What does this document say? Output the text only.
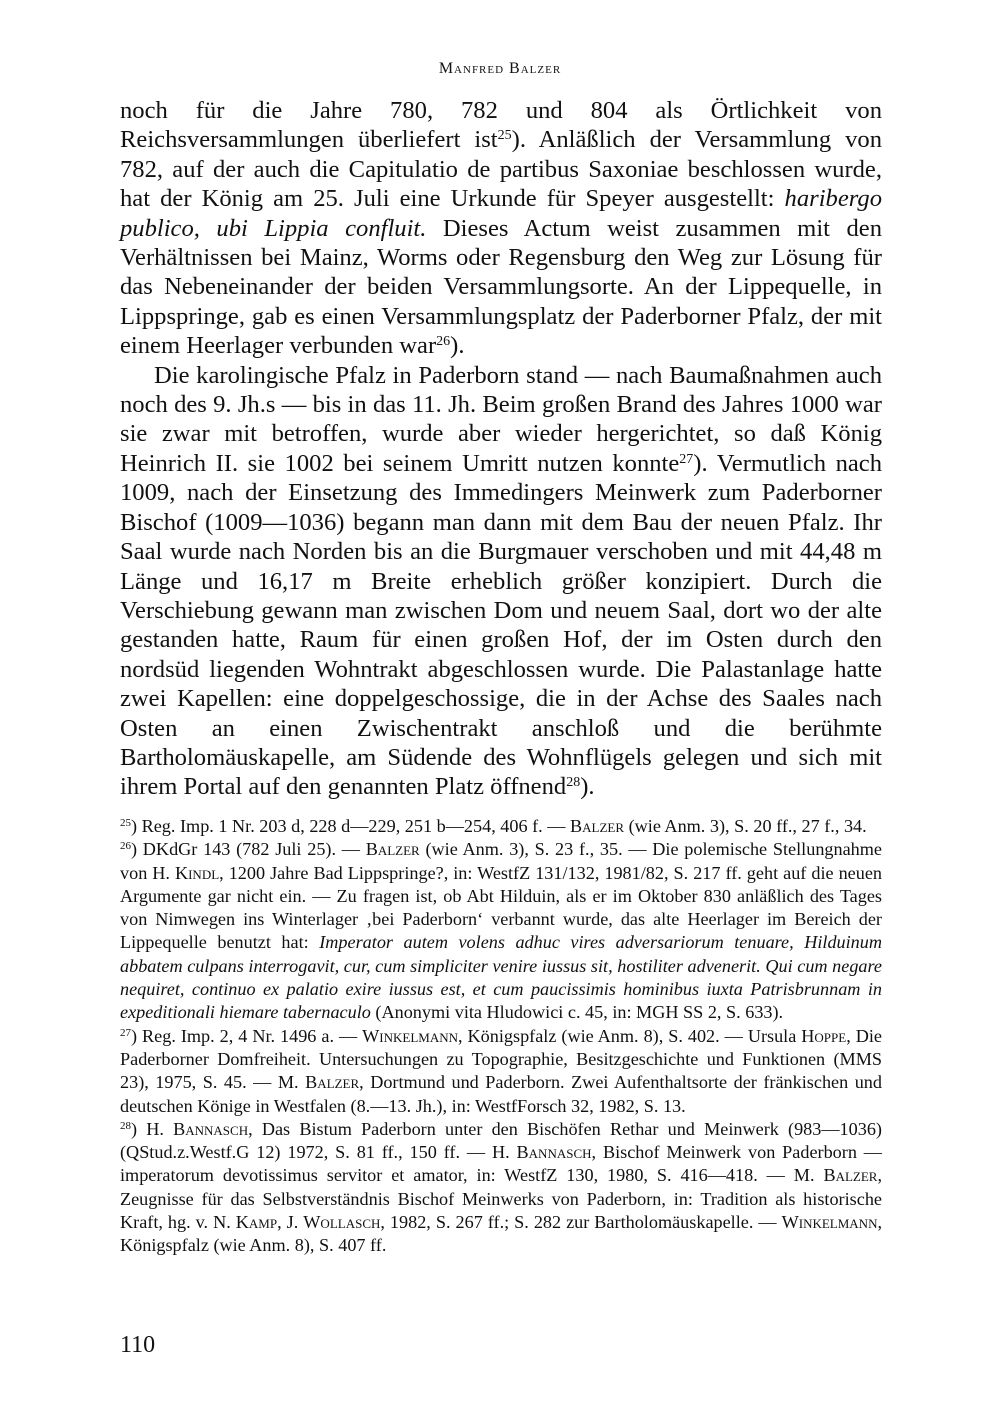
Manfred Balzer

noch für die Jahre 780, 782 und 804 als Örtlichkeit von Reichsversammlungen überliefert ist$^{25}$). Anläßlich der Versammlung von 782, auf der auch die Capitulatio de partibus Saxoniae beschlossen wurde, hat der König am 25. Juli eine Urkunde für Speyer ausgestellt: haribergo publico, ubi Lippia confluit. Dieses Actum weist zusammen mit den Verhältnissen bei Mainz, Worms oder Regensburg den Weg zur Lösung für das Nebeneinander der beiden Versammlungsorte. An der Lippequelle, in Lippspringe, gab es einen Versammlungsplatz der Paderborner Pfalz, der mit einem Heerlager verbunden war$^{26}$).

Die karolingische Pfalz in Paderborn stand — nach Baumaßnahmen auch noch des 9. Jh.s — bis in das 11. Jh. Beim großen Brand des Jahres 1000 war sie zwar mit betroffen, wurde aber wieder hergerichtet, so daß König Heinrich II. sie 1002 bei seinem Umritt nutzen konnte$^{27}$). Vermutlich nach 1009, nach der Einsetzung des Immedingers Meinwerk zum Paderborner Bischof (1009—1036) begann man dann mit dem Bau der neuen Pfalz. Ihr Saal wurde nach Norden bis an die Burgmauer verschoben und mit 44,48 m Länge und 16,17 m Breite erheblich größer konzipiert. Durch die Verschiebung gewann man zwischen Dom und neuem Saal, dort wo der alte gestanden hatte, Raum für einen großen Hof, der im Osten durch den nordsüd liegenden Wohntrakt abgeschlossen wurde. Die Palastanlage hatte zwei Kapellen: eine doppelgeschossige, die in der Achse des Saales nach Osten an einen Zwischentrakt anschloß und die berühmte Bartholomäuskapelle, am Südende des Wohnflügels gelegen und sich mit ihrem Portal auf den genannten Platz öffnend$^{28}$).

$^{25}$) Reg. Imp. 1 Nr. 203 d, 228 d—229, 251 b—254, 406 f. — Balzer (wie Anm. 3), S. 20 ff., 27 f., 34.

$^{26}$) DKdGr 143 (782 Juli 25). — Balzer (wie Anm. 3), S. 23 f., 35. — Die polemische Stellungnahme von H. Kindl, 1200 Jahre Bad Lippspringe?, in: WestfZ 131/132, 1981/82, S. 217 ff. geht auf die neuen Argumente gar nicht ein. — Zu fragen ist, ob Abt Hilduin, als er im Oktober 830 anläßlich des Tages von Nimwegen ins Winterlager ‚bei Paderborn‘ verbannt wurde, das alte Heerlager im Bereich der Lippequelle benutzt hat: Imperator autem volens adhuc vires adversariorum tenuare, Hilduinum abbatem culpans interrogavit, cur, cum simpliciter venire iussus sit, hostiliter advenerit. Qui cum negare nequiret, continuo ex palatio exire iussus est, et cum paucissimis hominibus iuxta Patrisbrunnam in expeditionali hiemare tabernaculo (Anonymi vita Hludowici c. 45, in: MGH SS 2, S. 633).

$^{27}$) Reg. Imp. 2, 4 Nr. 1496 a. — Winkelmann, Königspfalz (wie Anm. 8), S. 402. — Ursula Hoppe, Die Paderborner Domfreiheit. Untersuchungen zu Topographie, Besitzgeschichte und Funktionen (MMS 23), 1975, S. 45. — M. Balzer, Dortmund und Paderborn. Zwei Aufenthaltsorte der fränkischen und deutschen Könige in Westfalen (8.—13. Jh.), in: WestfForsch 32, 1982, S. 13.

$^{28}$) H. Bannasch, Das Bistum Paderborn unter den Bischöfen Rethar und Meinwerk (983—1036) (QStud.z.Westf.G 12) 1972, S. 81 ff., 150 ff. — H. Bannasch, Bischof Meinwerk von Paderborn — imperatorum devotissimus servitor et amator, in: WestfZ 130, 1980, S. 416—418. — M. Balzer, Zeugnisse für das Selbstverständnis Bischof Meinwerks von Paderborn, in: Tradition als historische Kraft, hg. v. N. Kamp, J. Wollasch, 1982, S. 267 ff.; S. 282 zur Bartholomäuskapelle. — Winkelmann, Königspfalz (wie Anm. 8), S. 407 ff.

110
